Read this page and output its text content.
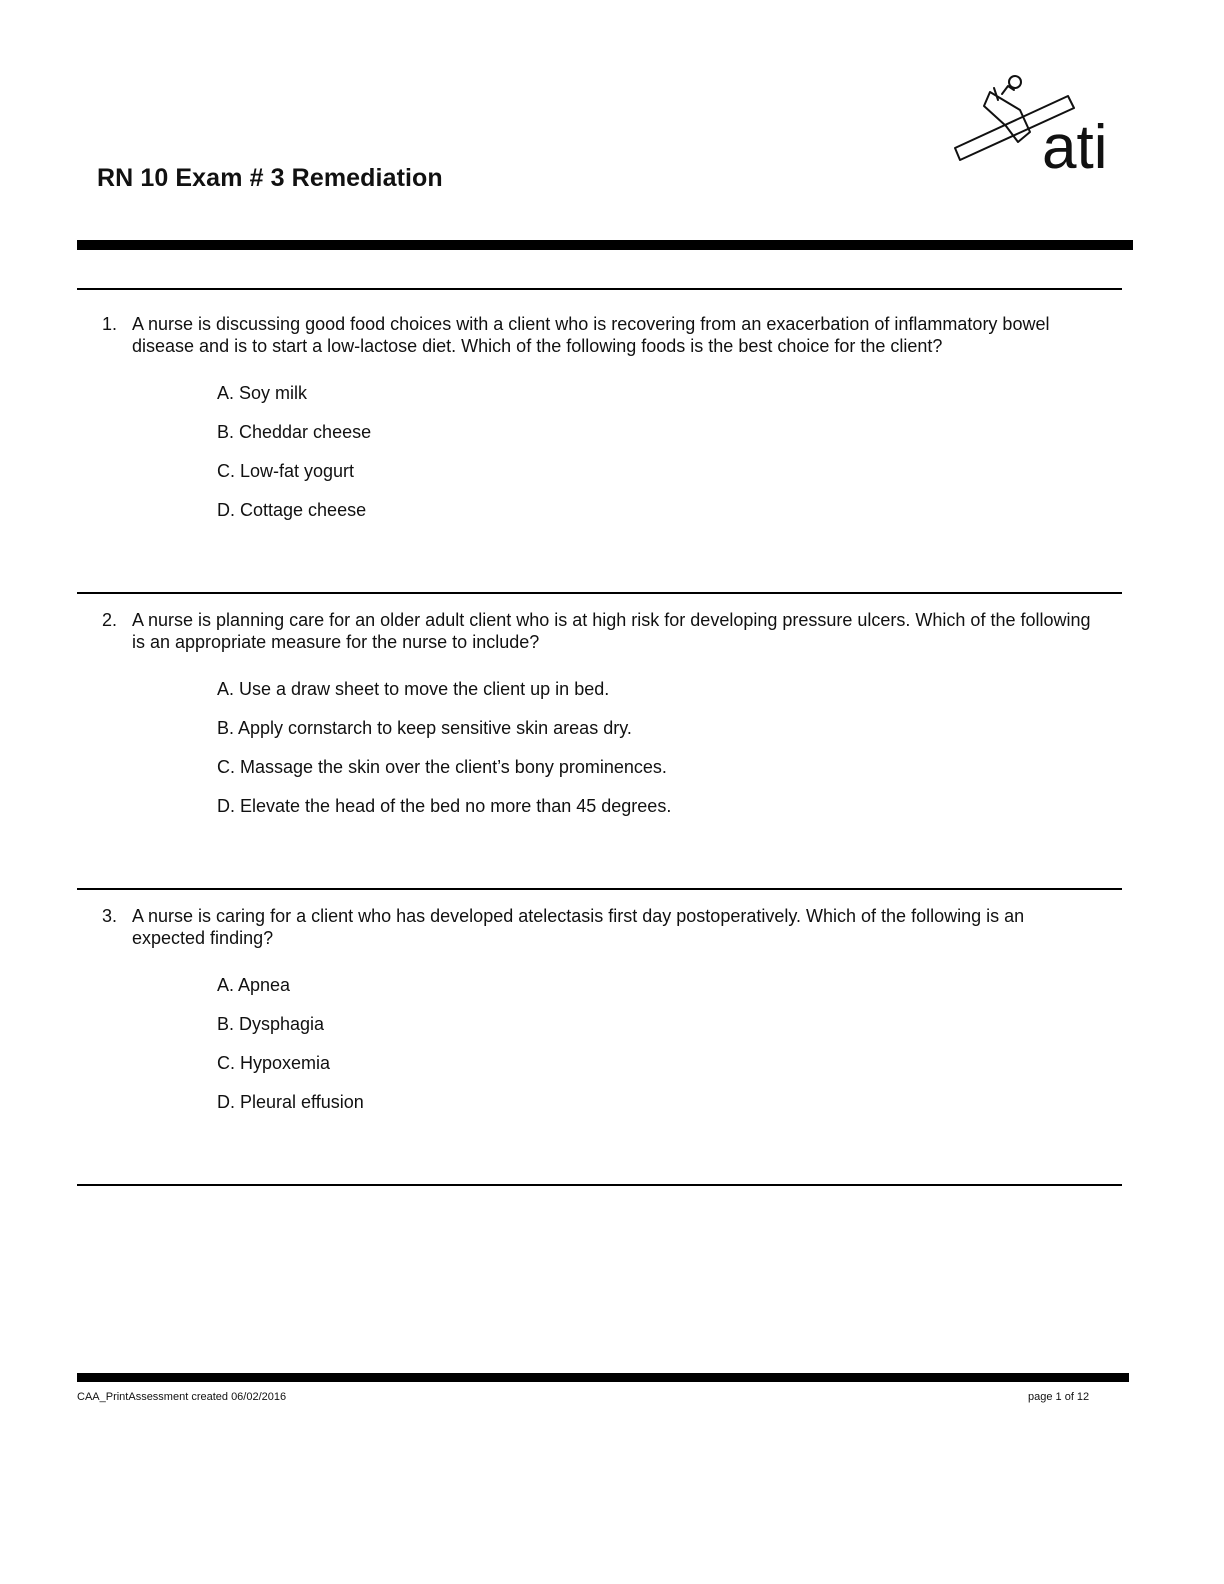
ati
RN 10 Exam # 3 Remediation
1. A nurse is discussing good food choices with a client who is recovering from an exacerbation of inflammatory bowel disease and is to start a low-lactose diet. Which of the following foods is the best choice for the client?
A. Soy milk
B. Cheddar cheese
C. Low-fat yogurt
D. Cottage cheese
2. A nurse is planning care for an older adult client who is at high risk for developing pressure ulcers. Which of the following is an appropriate measure for the nurse to include?
A. Use a draw sheet to move the client up in bed.
B. Apply cornstarch to keep sensitive skin areas dry.
C. Massage the skin over the client’s bony prominences.
D. Elevate the head of the bed no more than 45 degrees.
3. A nurse is caring for a client who has developed atelectasis first day postoperatively. Which of the following is an expected finding?
A. Apnea
B. Dysphagia
C. Hypoxemia
D. Pleural effusion
CAA_PrintAssessment created 06/02/2016	page 1 of 12
